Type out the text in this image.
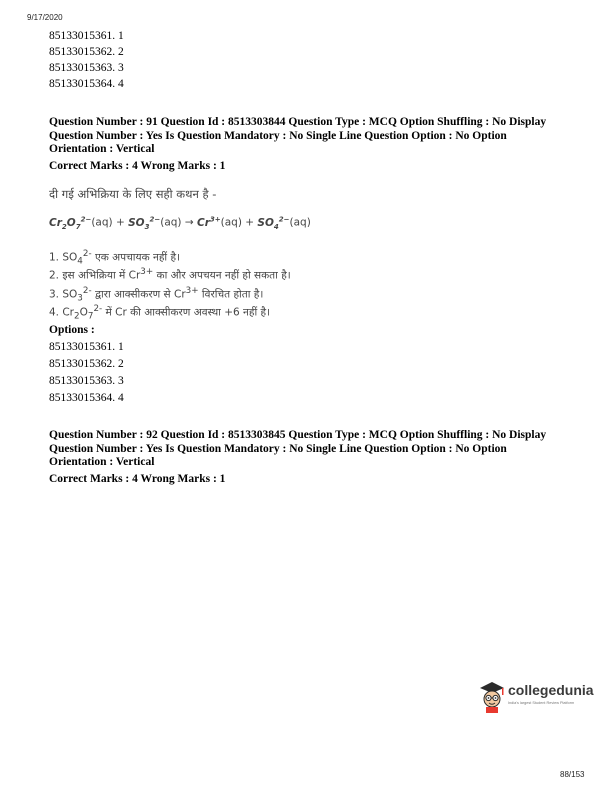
9/17/2020
85133015361. 1
85133015362. 2
85133015363. 3
85133015364. 4
Question Number : 91 Question Id : 8513303844 Question Type : MCQ Option Shuffling : No Display
Question Number : Yes Is Question Mandatory : No Single Line Question Option : No Option
Orientation : Vertical
Correct Marks : 4 Wrong Marks : 1
दी गई अभिक्रिया के लिए सही कथन है -
$Cr_2O_7^{2-}(aq) + SO_3^{2-}(aq) \to Cr^{3+}(aq) + SO_4^{2-}(aq)$
1. $SO_4^{2-}$ एक अपचायक नहीं है।
2. इस अभिक्रिया में $Cr^{3+}$ का और अपचयन नहीं हो सकता है।
3. $SO_3^{2-}$ द्वारा आक्सीकरण से $Cr^{3+}$ विरचित होता है।
4. $Cr_2O_7^{2-}$ में Cr की आक्सीकरण अवस्था +6 नहीं है।
Options :
85133015361. 1
85133015362. 2
85133015363. 3
85133015364. 4
Question Number : 92 Question Id : 8513303845 Question Type : MCQ Option Shuffling : No Display
Question Number : Yes Is Question Mandatory : No Single Line Question Option : No Option
Orientation : Vertical
Correct Marks : 4 Wrong Marks : 1
collegedunia
India's largest Student Review Platform
88/153
